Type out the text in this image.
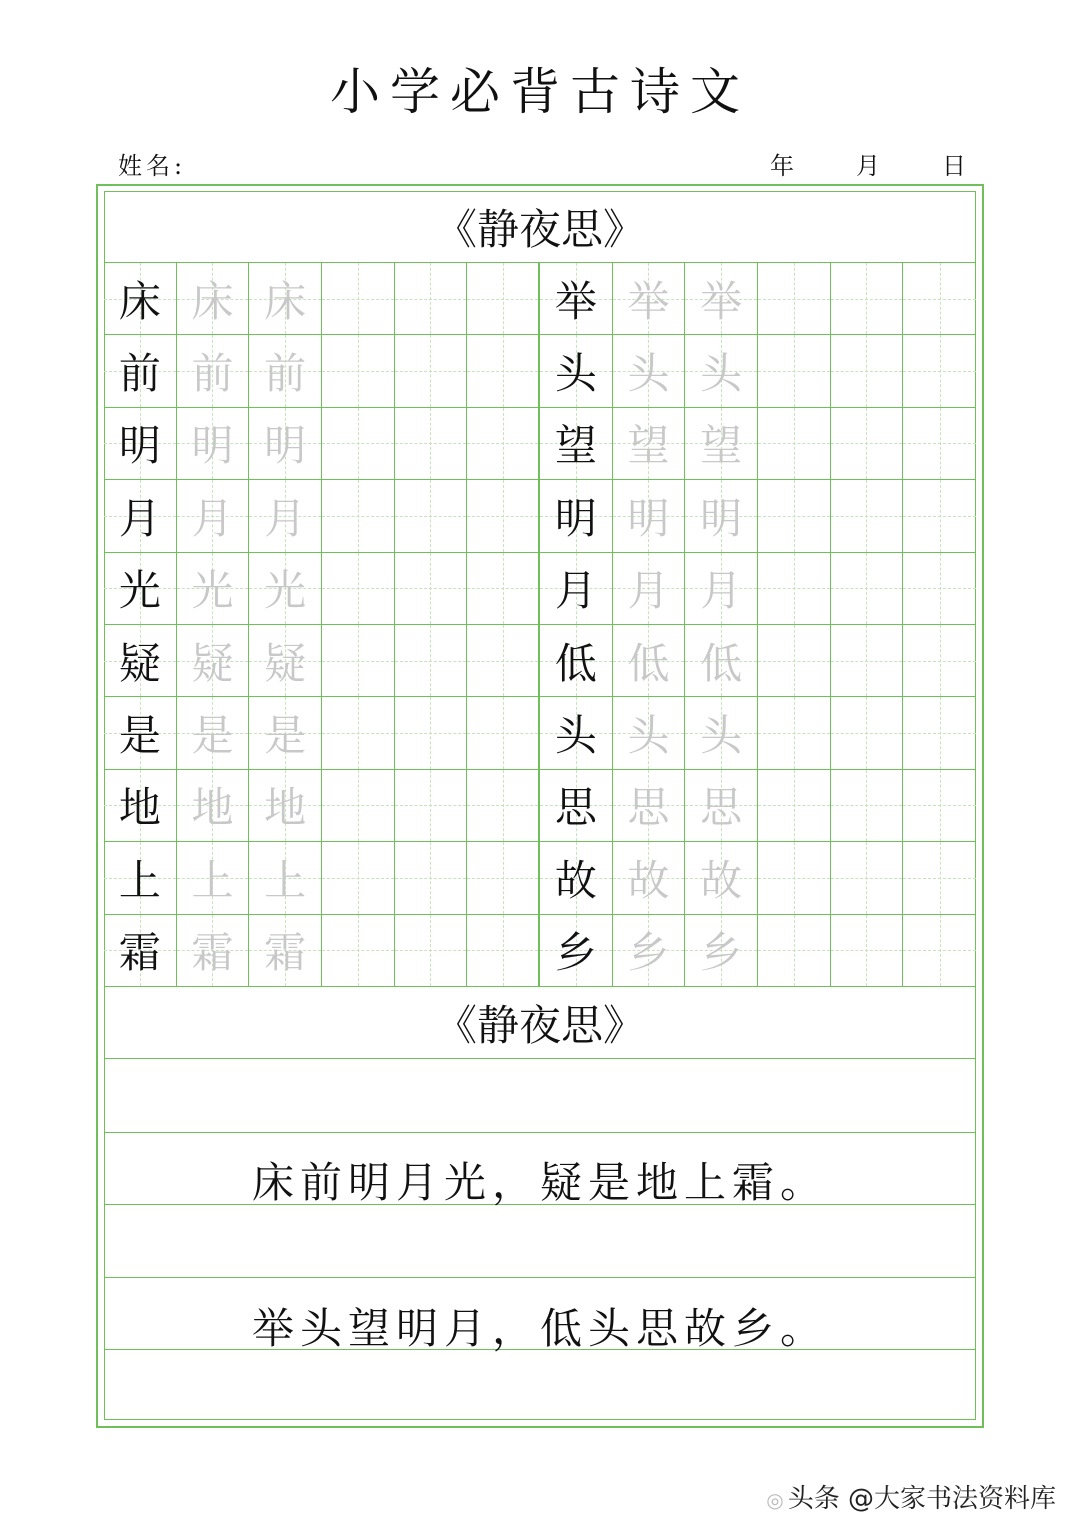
小学必背古诗文
姓名:	年	月	日
《静夜思》
床 床 床	举 举 举
前 前 前	头 头 头
明 明 明	望 望 望
月 月 月	明 明 明
光 光 光	月 月 月
疑 疑 疑	低 低 低
是 是 是	头 头 头
地 地 地	思 思 思
上 上 上	故 故 故
霜 霜 霜	乡 乡 乡
《静夜思》
床前明月光，疑是地上霜。
举头望明月，低头思故乡。
◎ 头条 @大家书法资料库
